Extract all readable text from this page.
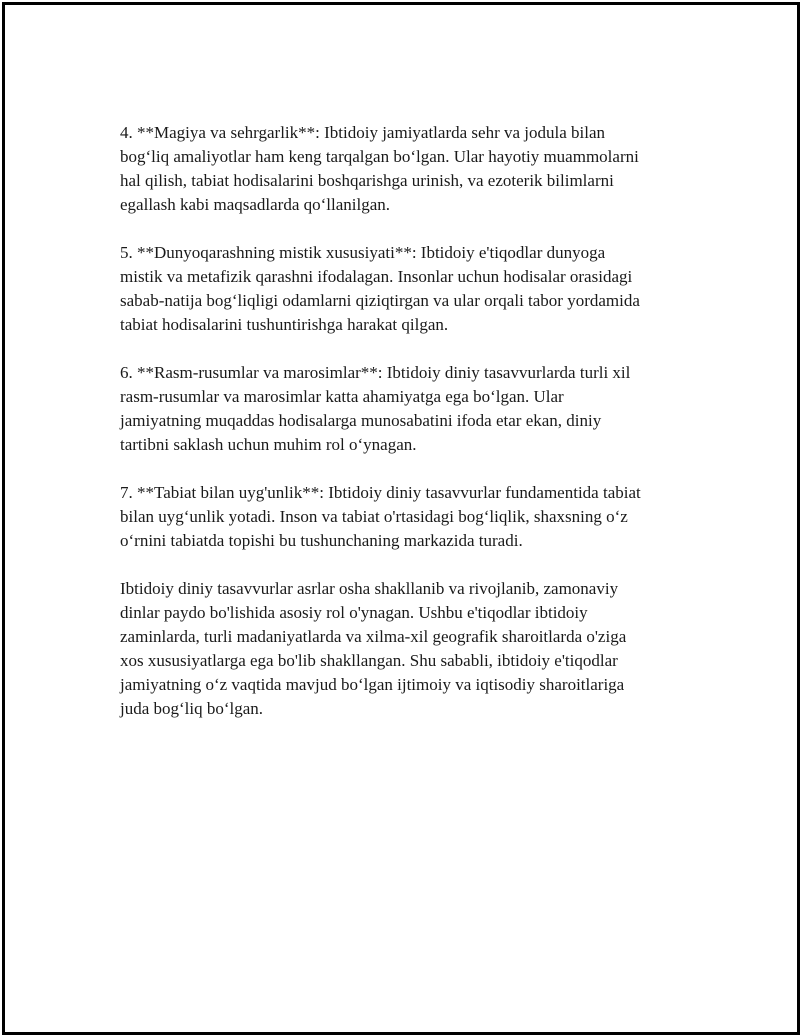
4. **Magiya va sehrgarlik**: Ibtidoiy jamiyatlarda sehr va jodula bilan
bog‘liq amaliyotlar ham keng tarqalgan bo‘lgan. Ular hayotiy muammolarni
hal qilish, tabiat hodisalarini boshqarishga urinish, va ezoterik bilimlarni
egallash kabi maqsadlarda qo‘llanilgan.

5. **Dunyoqarashning mistik xususiyati**: Ibtidoiy e'tiqodlar dunyoga
mistik va metafizik qarashni ifodalagan. Insonlar uchun hodisalar orasidagi
sabab-natija bog‘liqligi odamlarni qiziqtirgan va ular orqali tabor yordamida
tabiat hodisalarini tushuntirishga harakat qilgan.

6. **Rasm-rusumlar va marosimlar**: Ibtidoiy diniy tasavvurlarda turli xil
rasm-rusumlar va marosimlar katta ahamiyatga ega bo‘lgan. Ular
jamiyatning muqaddas hodisalarga munosabatini ifoda etar ekan, diniy
tartibni saklash uchun muhim rol o‘ynagan.

7. **Tabiat bilan uyg'unlik**: Ibtidoiy diniy tasavvurlar fundamentida tabiat
bilan uyg‘unlik yotadi. Inson va tabiat o'rtasidagi bog‘liqlik, shaxsning o‘z
o‘rnini tabiatda topishi bu tushunchaning markazida turadi.

Ibtidoiy diniy tasavvurlar asrlar osha shakllanib va rivojlanib, zamonaviy
dinlar paydo bo'lishida asosiy rol o'ynagan. Ushbu e'tiqodlar ibtidoiy
zaminlarda, turli madaniyatlarda va xilma-xil geografik sharoitlarda o'ziga
xos xususiyatlarga ega bo'lib shakllangan. Shu sababli, ibtidoiy e'tiqodlar
jamiyatning o‘z vaqtida mavjud bo‘lgan ijtimoiy va iqtisodiy sharoitlariga
juda bog‘liq bo‘lgan.
